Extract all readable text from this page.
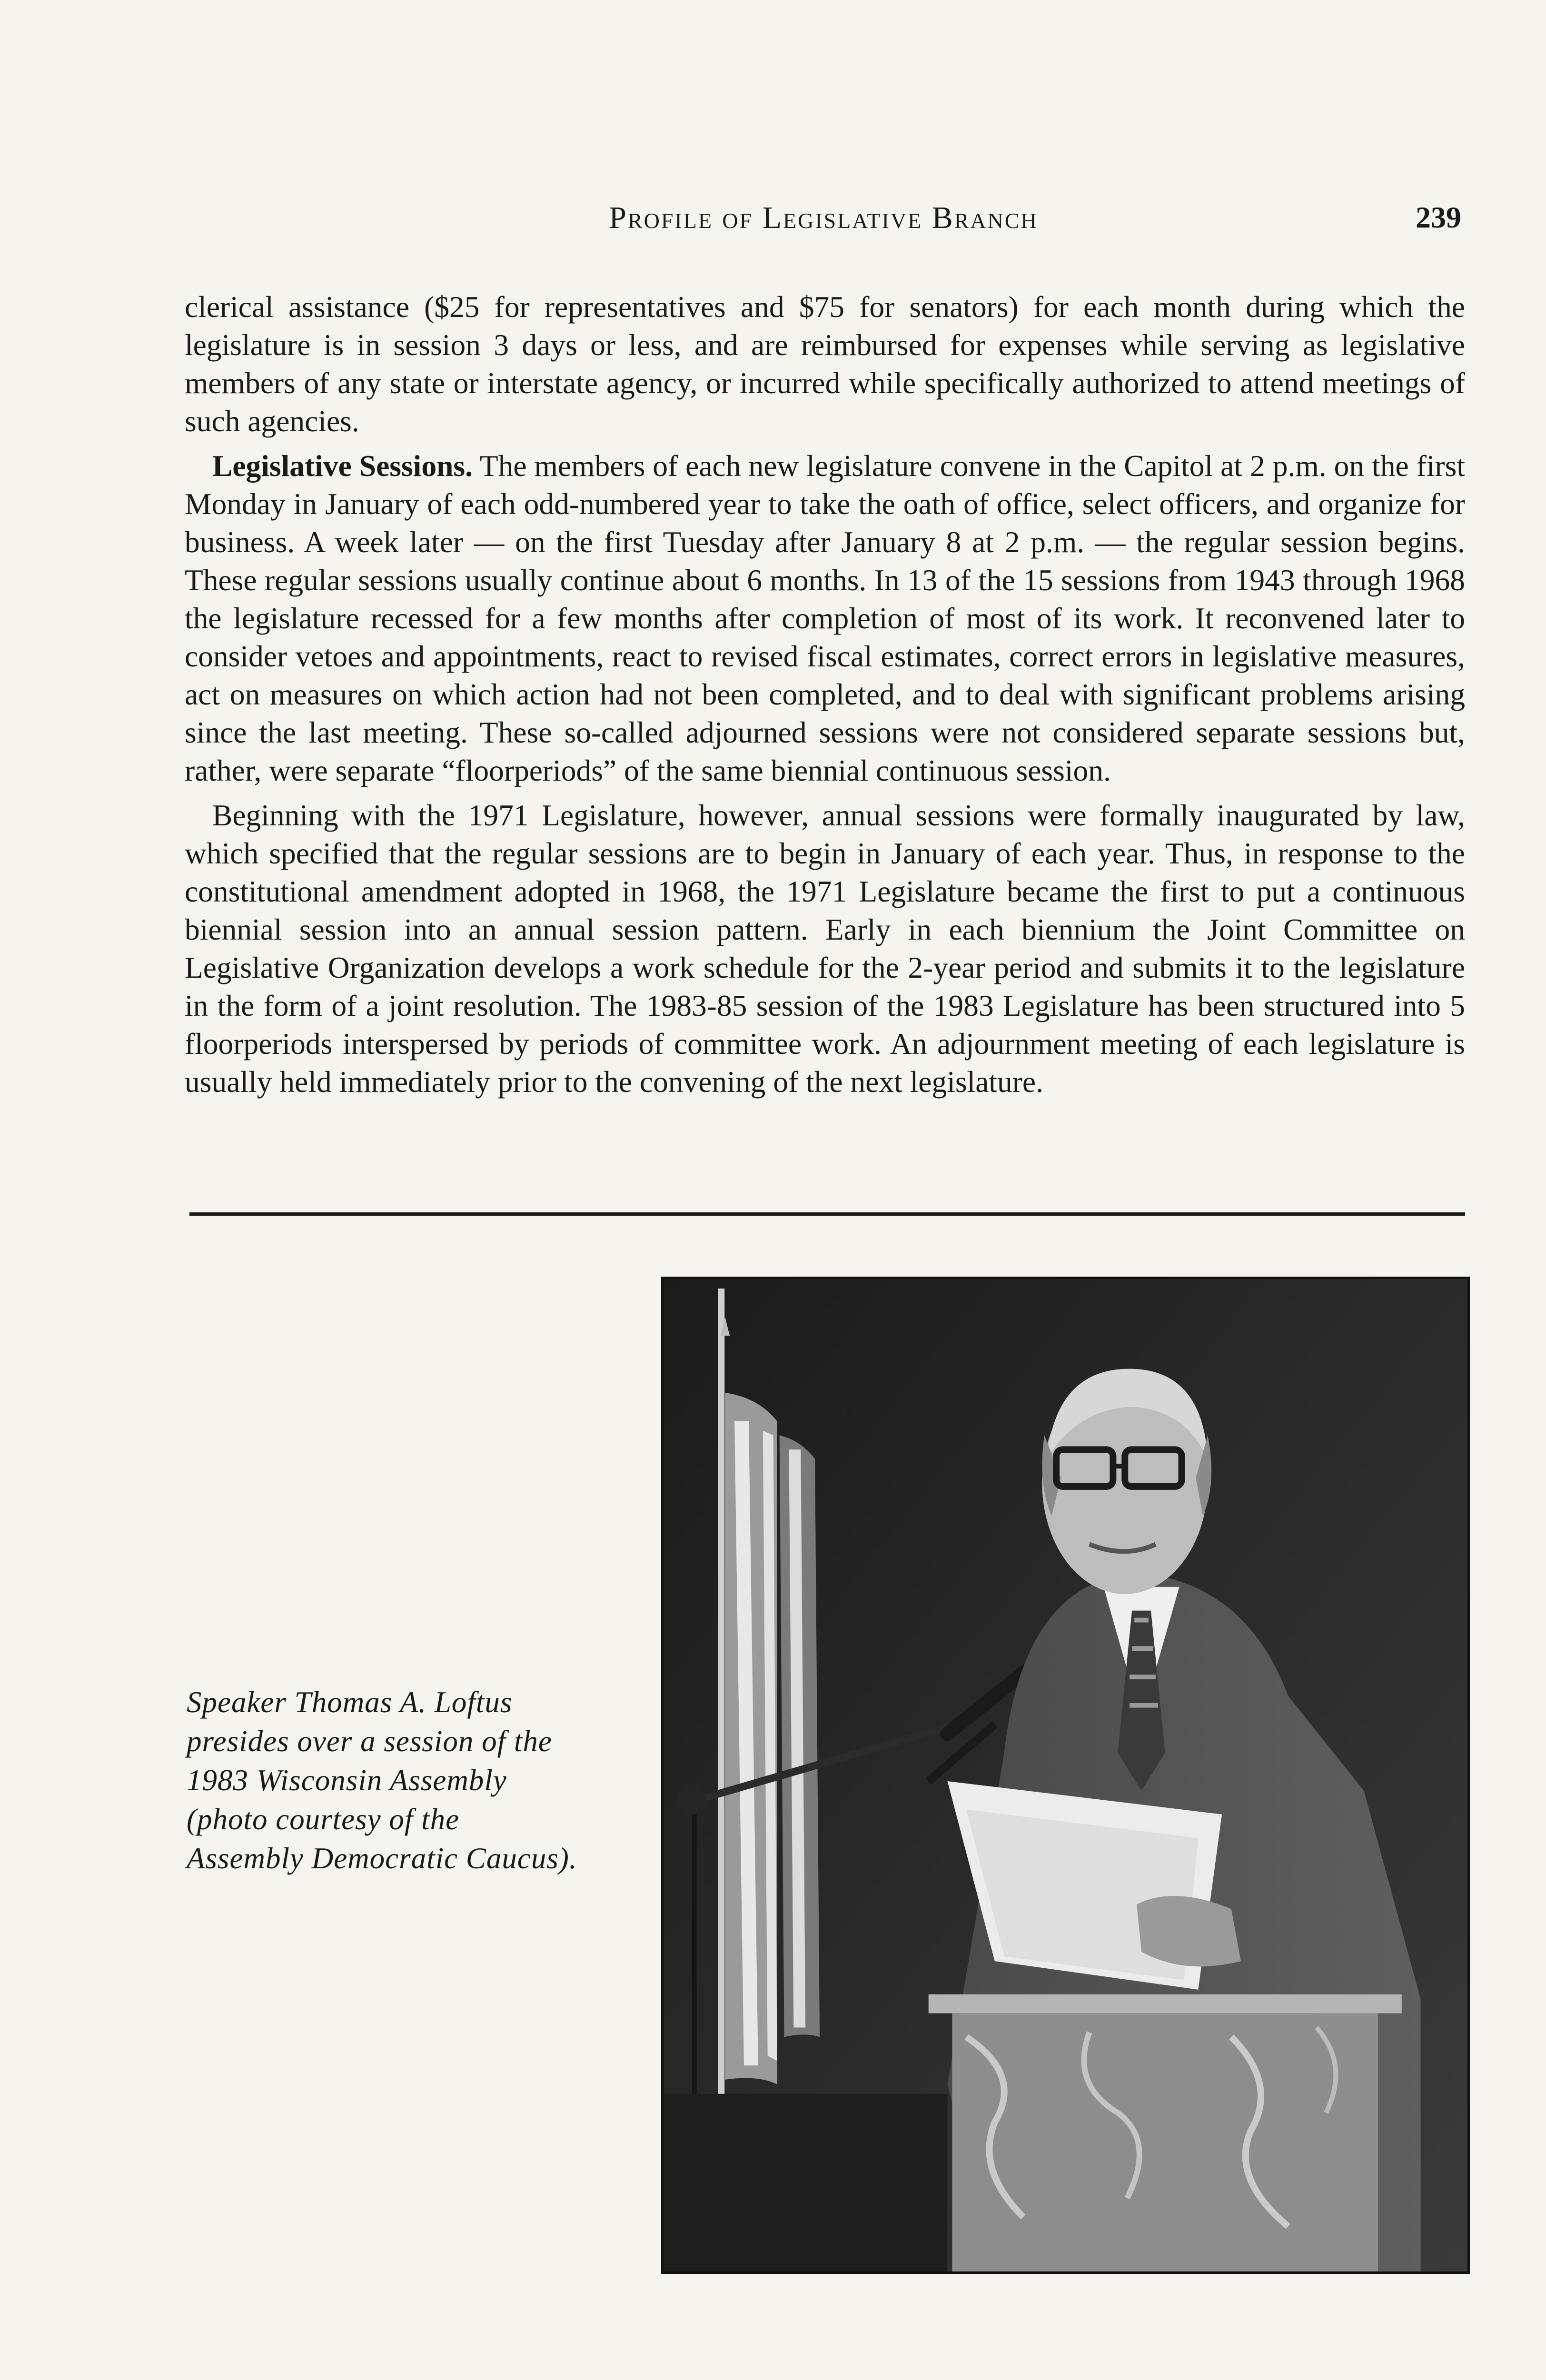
Profile of Legislative Branch	239

clerical assistance ($25 for representatives and $75 for senators) for each month during which the legislature is in session 3 days or less, and are reimbursed for expenses while serving as legislative members of any state or interstate agency, or incurred while specifically authorized to attend meetings of such agencies.

Legislative Sessions. The members of each new legislature convene in the Capitol at 2 p.m. on the first Monday in January of each odd-numbered year to take the oath of office, select officers, and organize for business. A week later — on the first Tuesday after January 8 at 2 p.m. — the regular session begins. These regular sessions usually continue about 6 months. In 13 of the 15 sessions from 1943 through 1968 the legislature recessed for a few months after completion of most of its work. It reconvened later to consider vetoes and appointments, react to revised fiscal estimates, correct errors in legislative measures, act on measures on which action had not been completed, and to deal with significant problems arising since the last meeting. These so-called adjourned sessions were not considered separate sessions but, rather, were separate “floorperiods” of the same biennial continuous session.

Beginning with the 1971 Legislature, however, annual sessions were formally inaugurated by law, which specified that the regular sessions are to begin in January of each year. Thus, in response to the constitutional amendment adopted in 1968, the 1971 Legislature became the first to put a continuous biennial session into an annual session pattern. Early in each biennium the Joint Committee on Legislative Organization develops a work schedule for the 2-year period and submits it to the legislature in the form of a joint resolution. The 1983-85 session of the 1983 Legislature has been structured into 5 floorperiods interspersed by periods of committee work. An adjournment meeting of each legislature is usually held immediately prior to the convening of the next legislature.

Speaker Thomas A. Loftus
presides over a session of the
1983 Wisconsin Assembly
(photo courtesy of the
Assembly Democratic Caucus).
